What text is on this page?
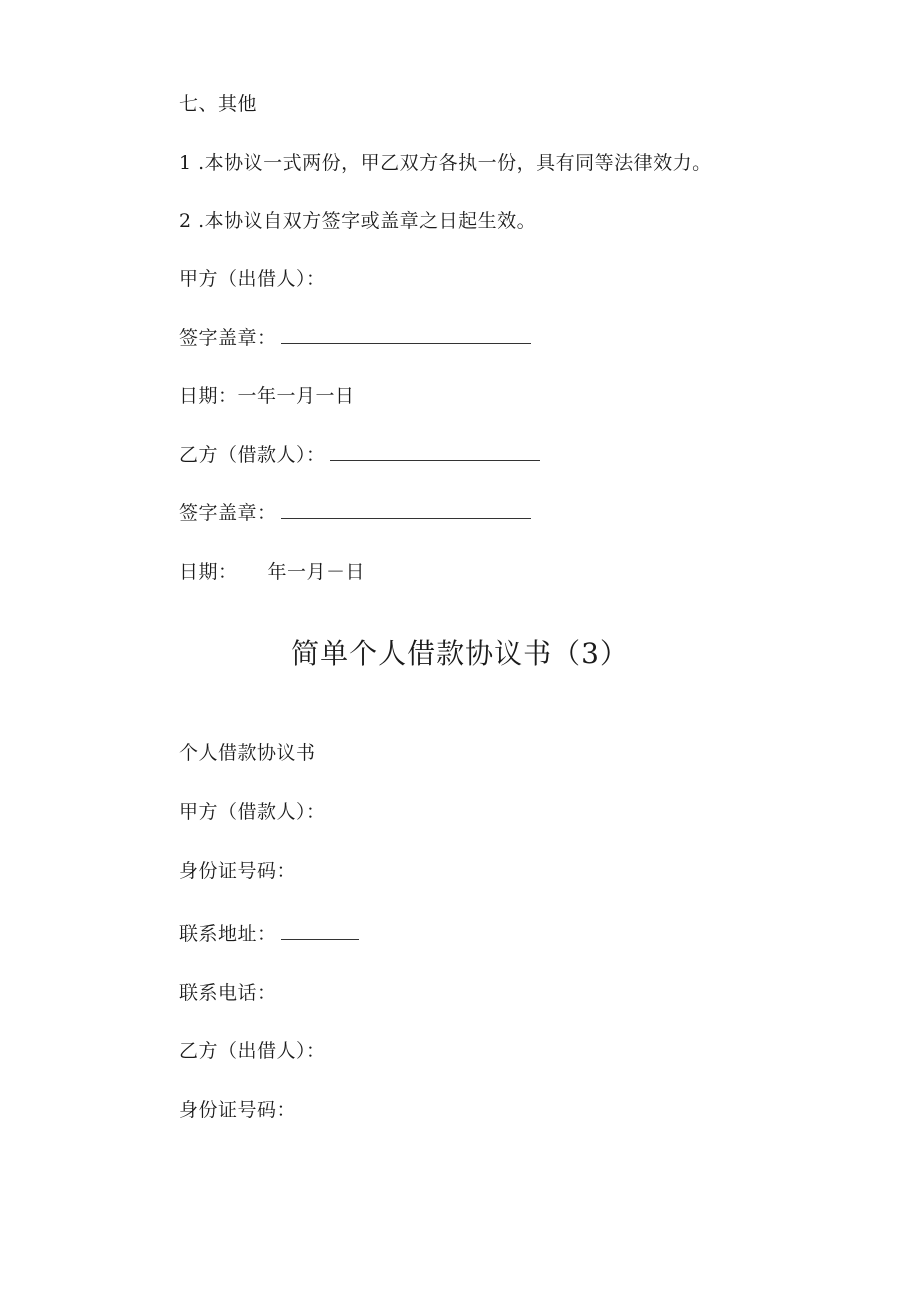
七、其他
1 .本协议一式两份，甲乙双方各执一份，具有同等法律效力。
2 .本协议自双方签字或盖章之日起生效。
甲方（出借人）：
签字盖章：
日期：一年一月一日
乙方（借款人）：
签字盖章：
日期： 年一月－日
简单个人借款协议书（3）
个人借款协议书
甲方（借款人）：
身份证号码：
联系地址：
联系电话：
乙方（出借人）：
身份证号码：
